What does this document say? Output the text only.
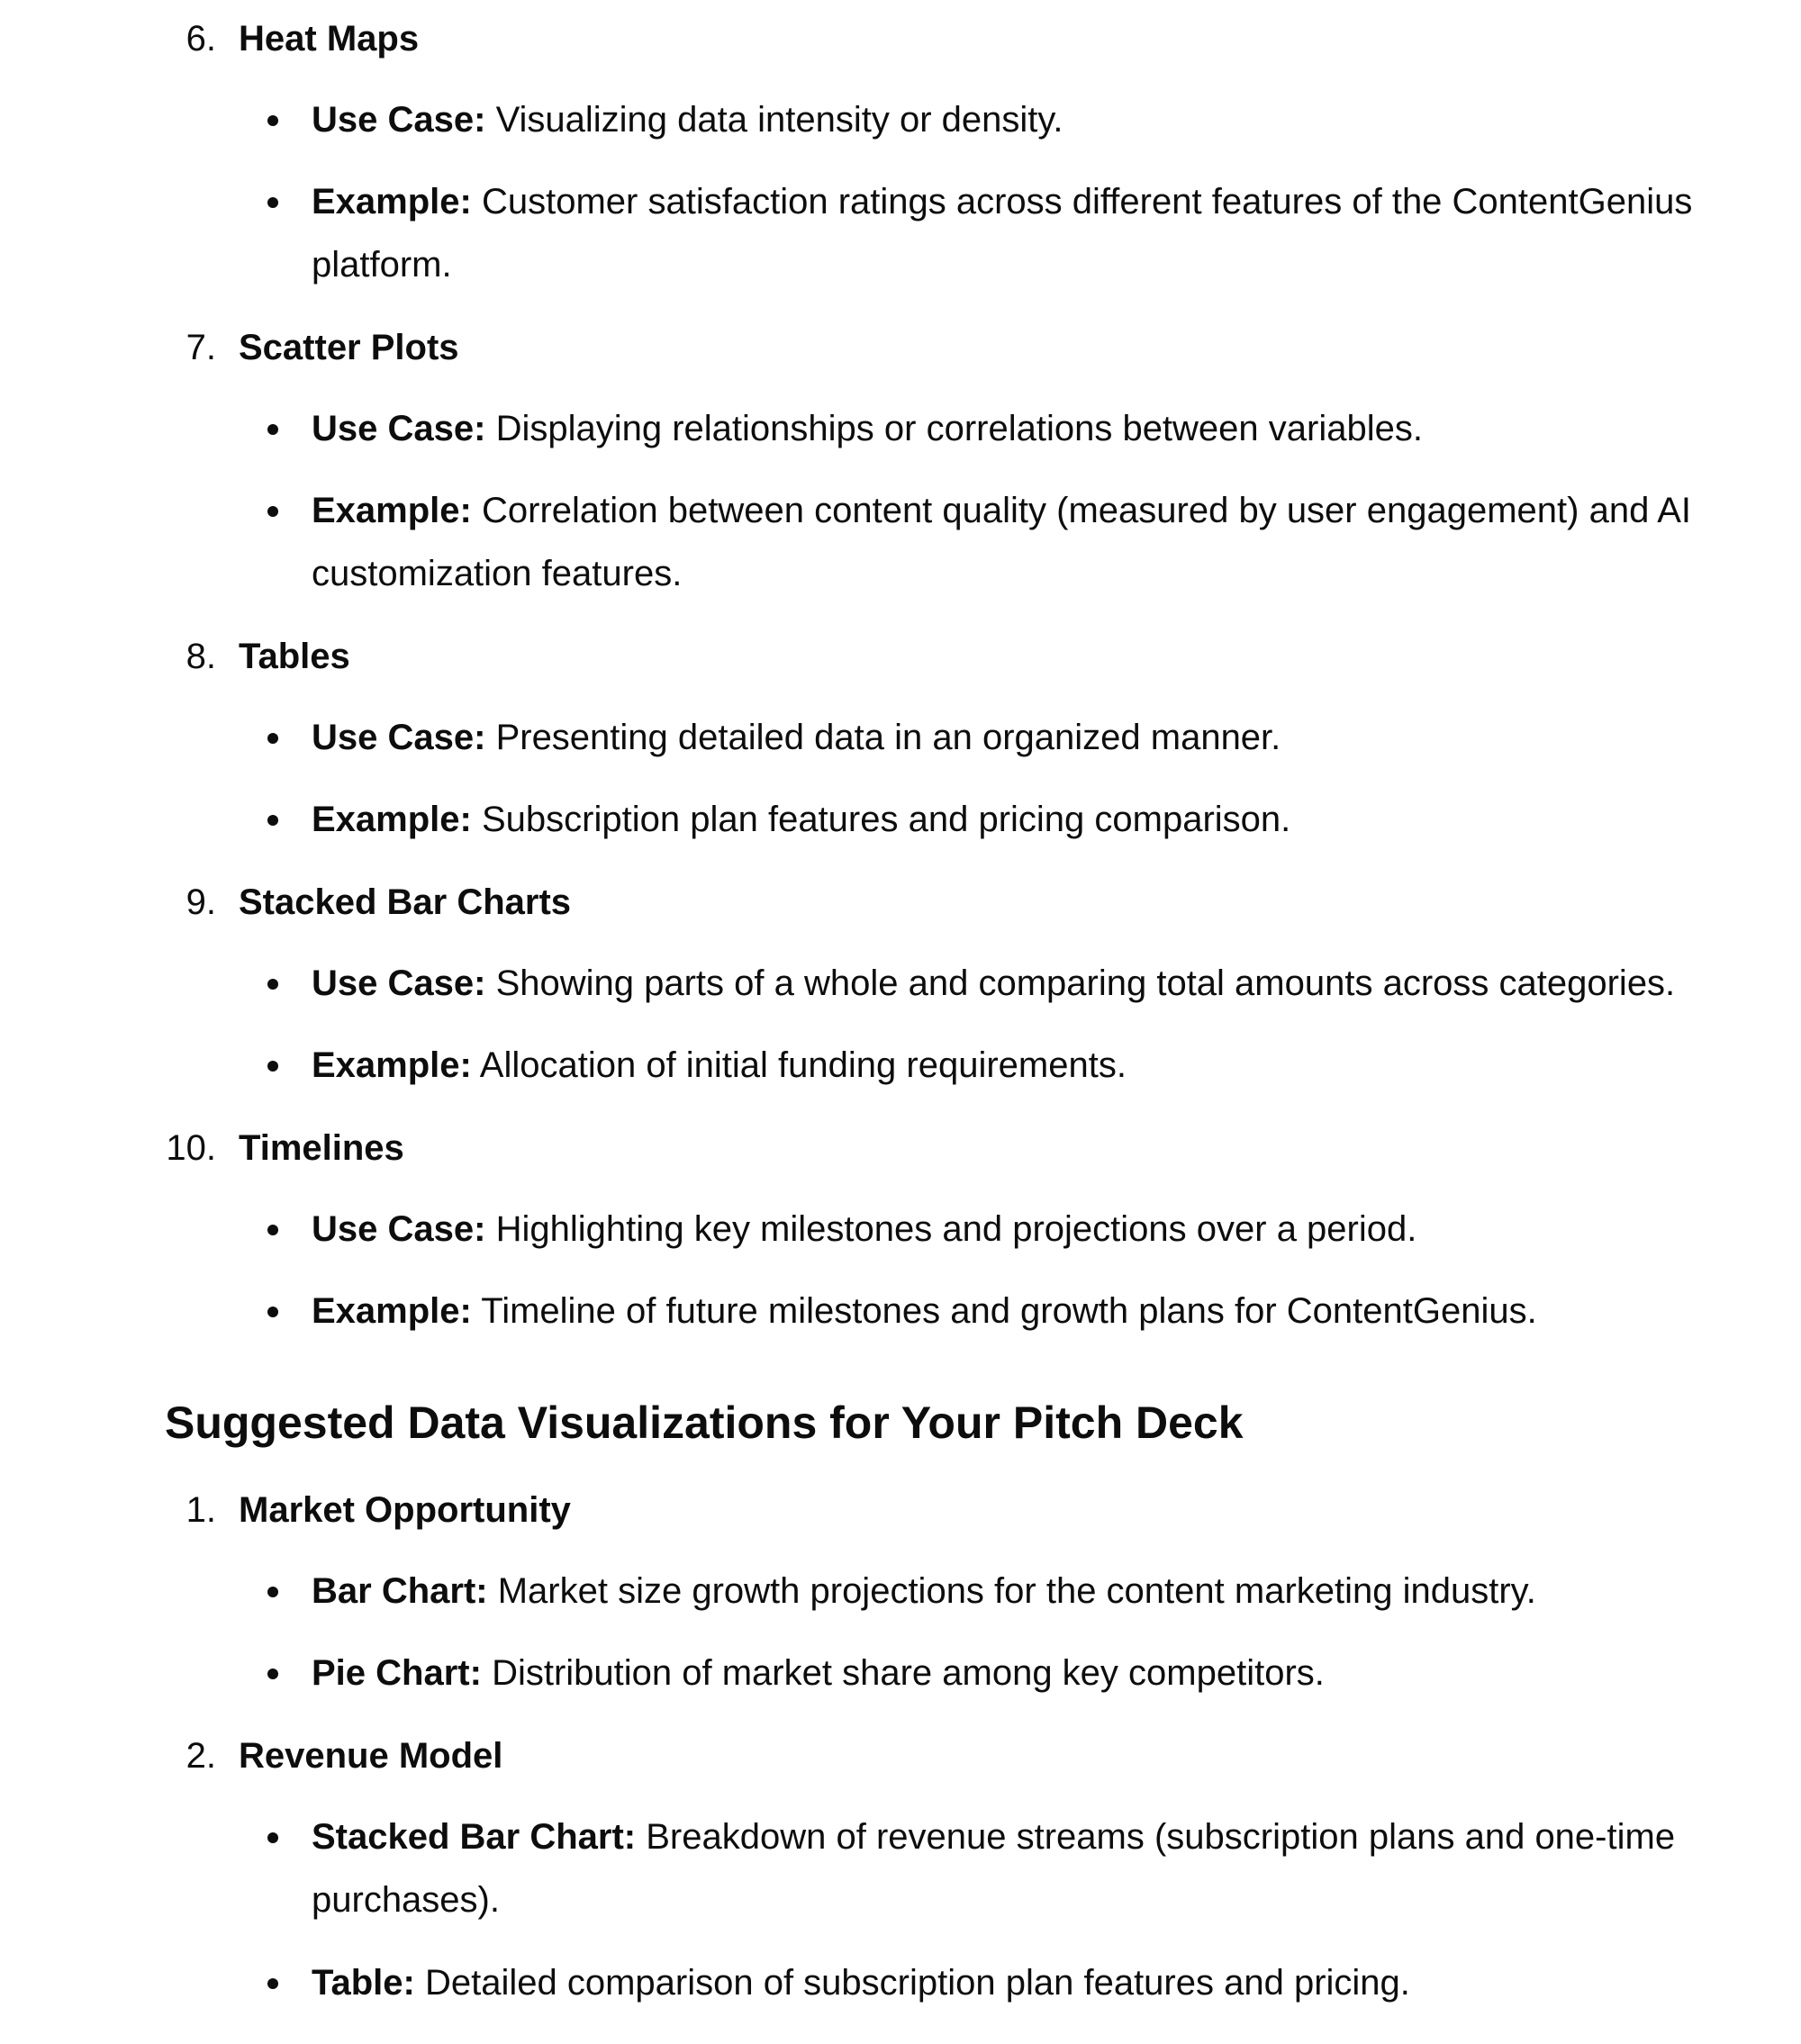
6. Heat Maps
Use Case: Visualizing data intensity or density.
Example: Customer satisfaction ratings across different features of the ContentGenius platform.
7. Scatter Plots
Use Case: Displaying relationships or correlations between variables.
Example: Correlation between content quality (measured by user engagement) and AI customization features.
8. Tables
Use Case: Presenting detailed data in an organized manner.
Example: Subscription plan features and pricing comparison.
9. Stacked Bar Charts
Use Case: Showing parts of a whole and comparing total amounts across categories.
Example: Allocation of initial funding requirements.
10. Timelines
Use Case: Highlighting key milestones and projections over a period.
Example: Timeline of future milestones and growth plans for ContentGenius.
Suggested Data Visualizations for Your Pitch Deck
1. Market Opportunity
Bar Chart: Market size growth projections for the content marketing industry.
Pie Chart: Distribution of market share among key competitors.
2. Revenue Model
Stacked Bar Chart: Breakdown of revenue streams (subscription plans and one-time purchases).
Table: Detailed comparison of subscription plan features and pricing.
